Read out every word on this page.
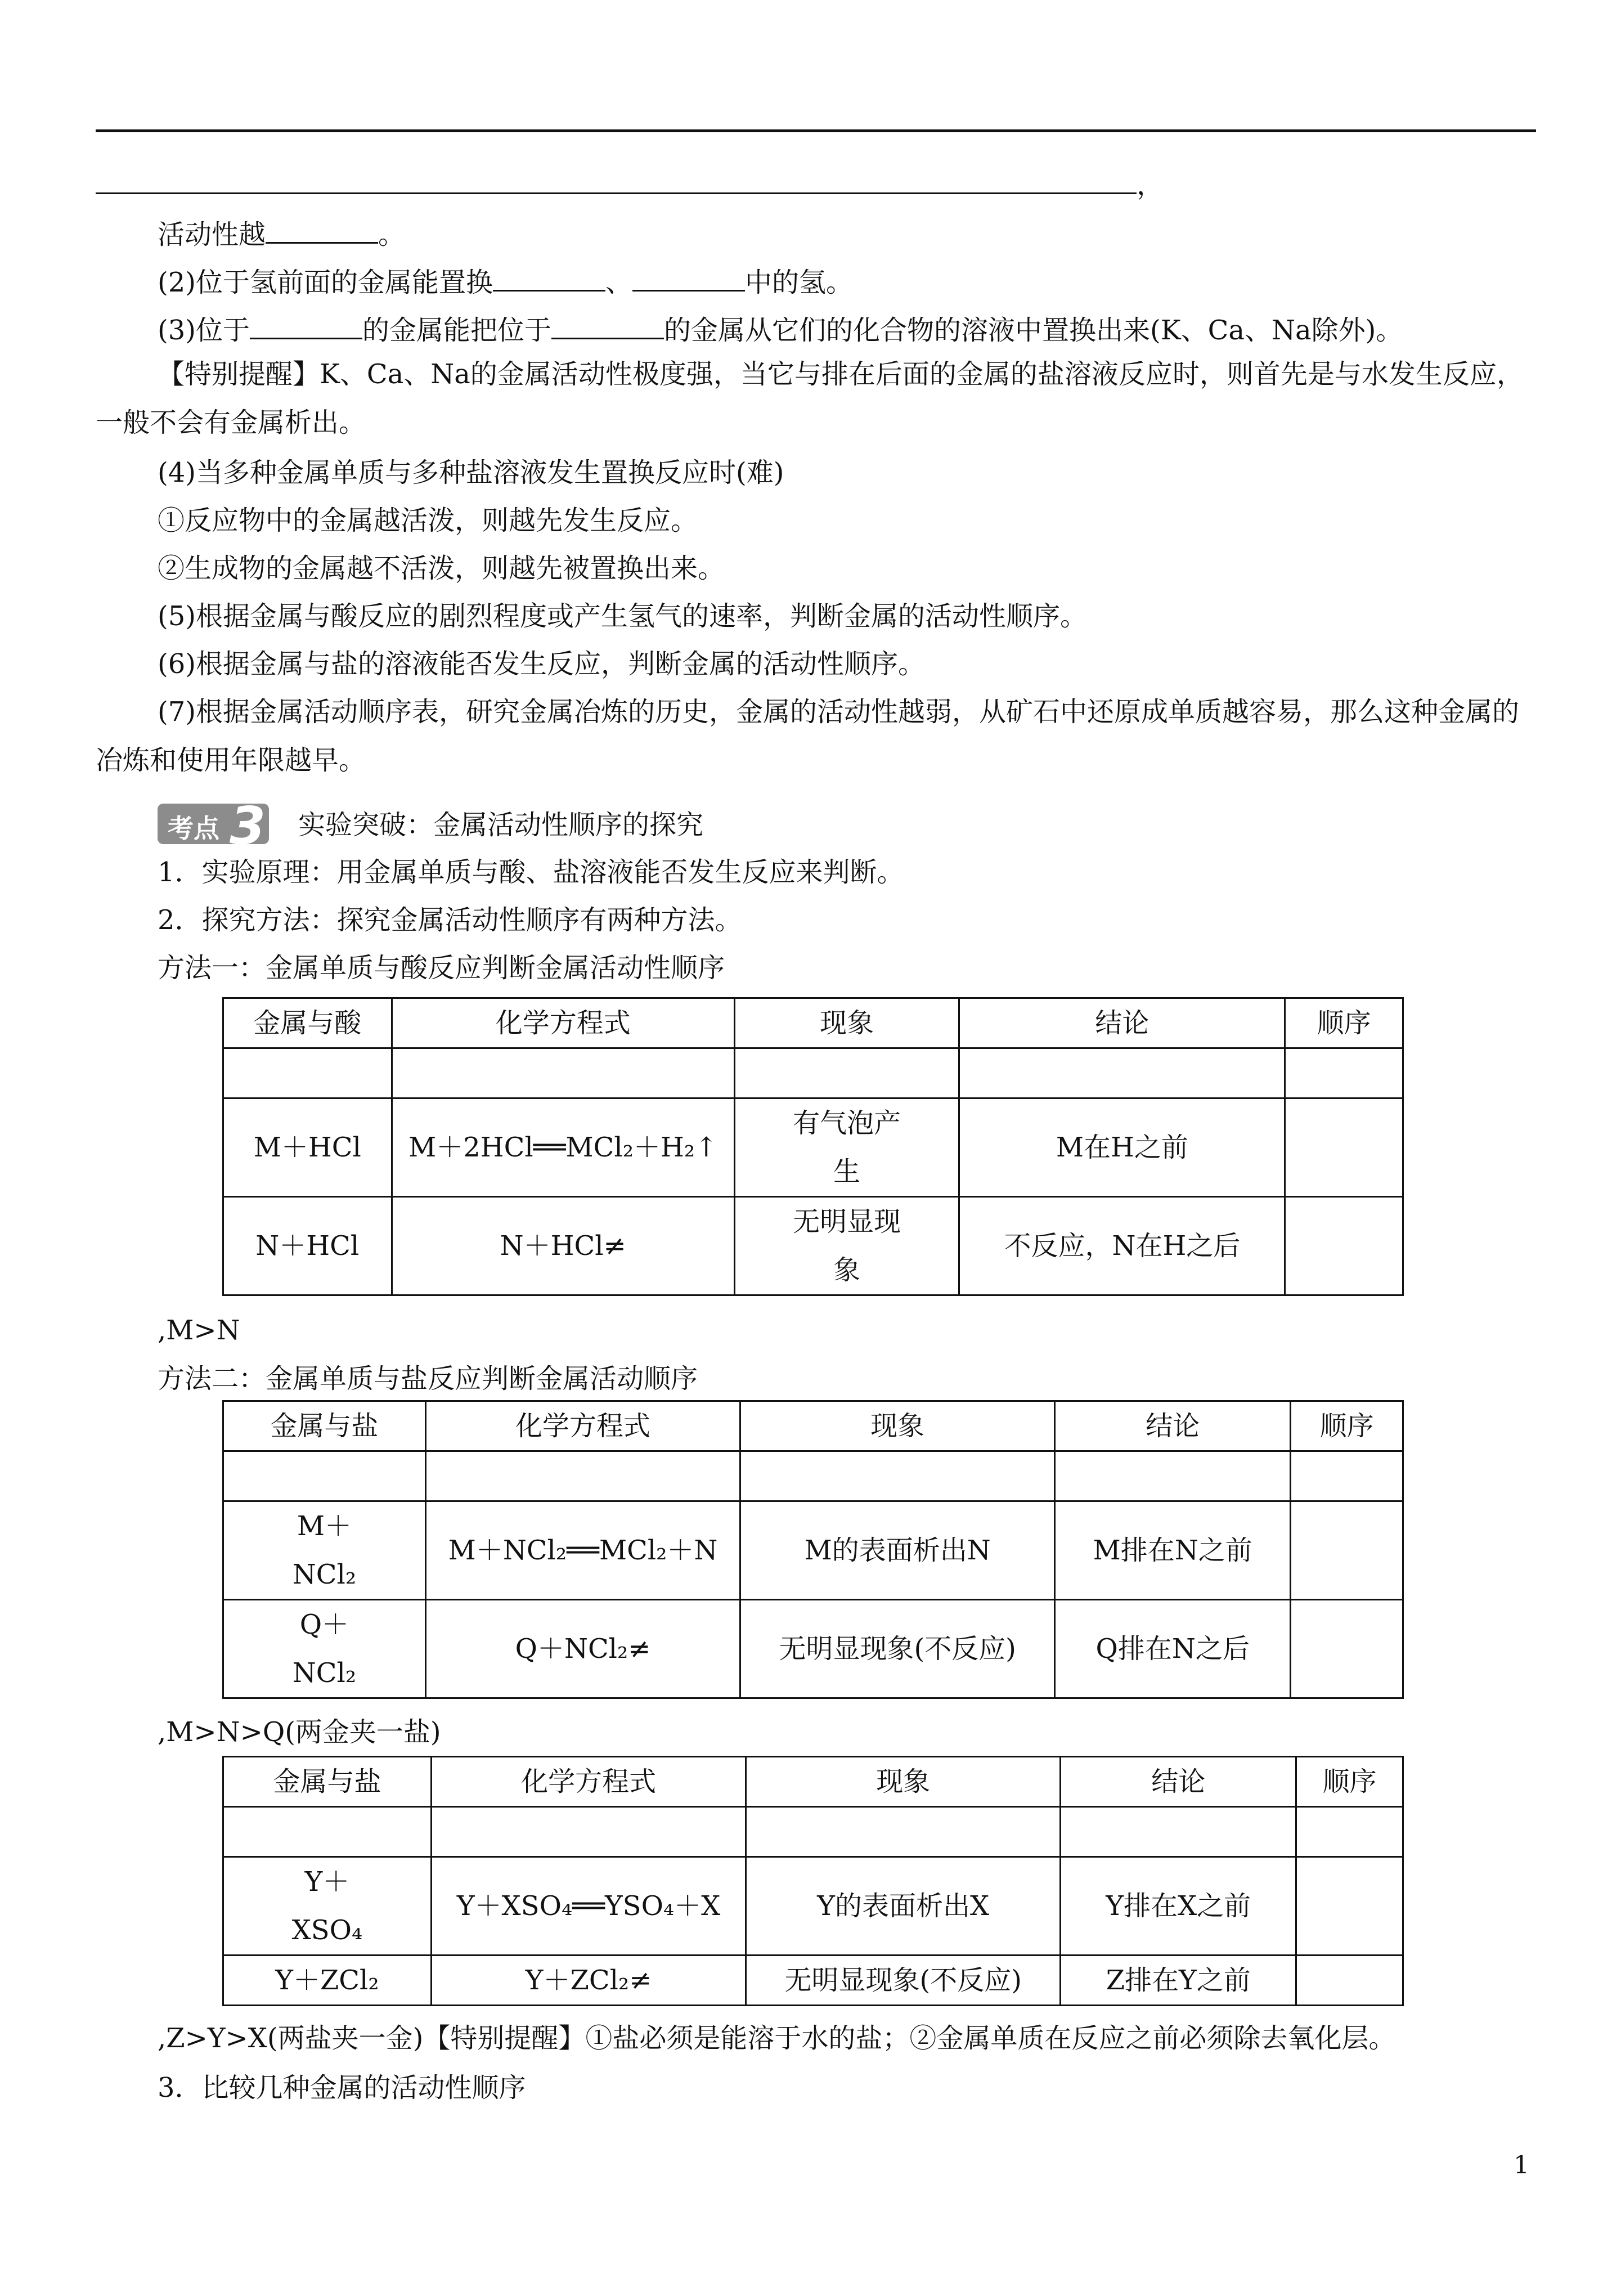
，
活动性越	。
(2)位于氢前面的金属能置换	、	中的氢。
(3)位于	的金属能把位于	的金属从它们的化合物的溶液中置换出来(K、Ca、Na除外)。
【特别提醒】K、Ca、Na的金属活动性极度强，当它与排在后面的金属的盐溶液反应时，则首先是与水发生反应，一般不会有金属析出。
(4)当多种金属单质与多种盐溶液发生置换反应时(难)
①反应物中的金属越活泼，则越先发生反应。
②生成物的金属越不活泼，则越先被置换出来。
(5)根据金属与酸反应的剧烈程度或产生氢气的速率，判断金属的活动性顺序。
(6)根据金属与盐的溶液能否发生反应，判断金属的活动性顺序。
(7)根据金属活动顺序表，研究金属冶炼的历史，金属的活动性越弱，从矿石中还原成单质越容易，那么这种金属的冶炼和使用年限越早。
考点 3 实验突破：金属活动性顺序的探究
1．实验原理：用金属单质与酸、盐溶液能否发生反应来判断。
2．探究方法：探究金属活动性顺序有两种方法。
方法一：金属单质与酸反应判断金属活动性顺序
金属与酸	化学方程式	现象	结论	顺序

M＋HCl	M＋2HCl══MCl₂＋H₂↑	有气泡产生	M在H之前	
N＋HCl	N＋HCl≠	无明显现象	不反应，N在H之后	
,M>N
方法二：金属单质与盐反应判断金属活动顺序
金属与盐	化学方程式	现象	结论	顺序

M＋NCl₂	M＋NCl₂══MCl₂＋N	M的表面析出N	M排在N之前	
Q＋NCl₂	Q＋NCl₂≠	无明显现象(不反应)	Q排在N之后	
,M>N>Q(两金夹一盐)
金属与盐	化学方程式	现象	结论	顺序

Y＋XSO₄	Y＋XSO₄══YSO₄＋X	Y的表面析出X	Y排在X之前	
Y＋ZCl₂	Y＋ZCl₂≠	无明显现象(不反应)	Z排在Y之前	
,Z>Y>X(两盐夹一金)【特别提醒】①盐必须是能溶于水的盐；②金属单质在反应之前必须除去氧化层。
3．比较几种金属的活动性顺序
1
